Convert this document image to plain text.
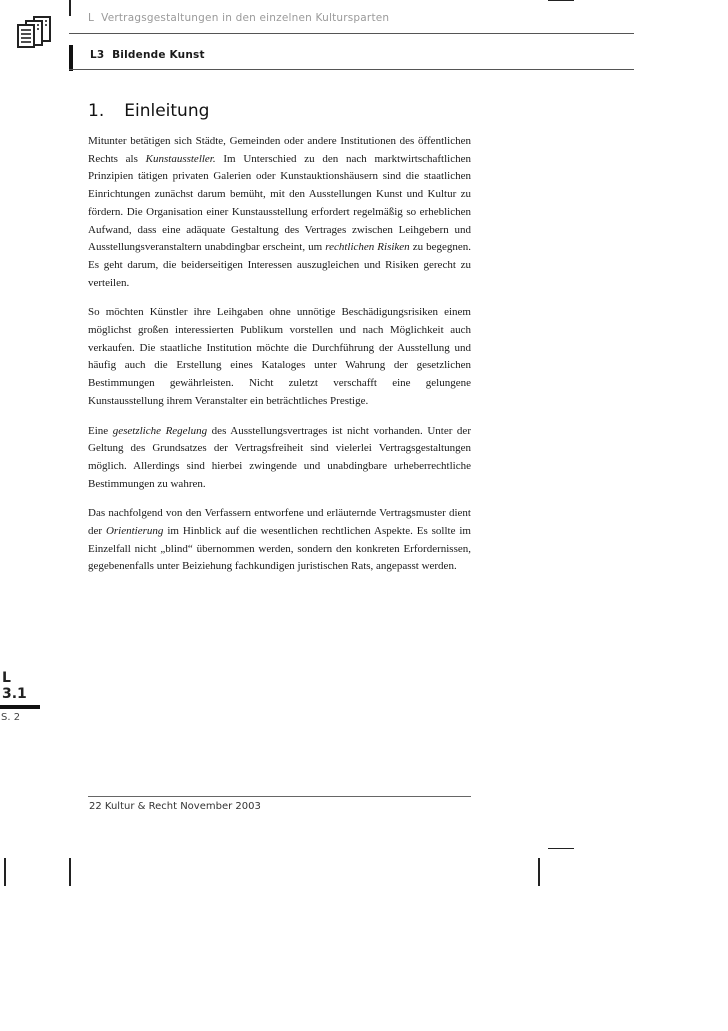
L  Vertragsgestaltungen in den einzelnen Kultursparten
L3  Bildende Kunst
1. Einleitung

Mitunter betätigen sich Städte, Gemeinden oder andere Institutionen des öffentlichen Rechts als Kunstaussteller. Im Unterschied zu den nach marktwirtschaftlichen Prinzipien tätigen privaten Galerien oder Kunstauktionshäusern sind die staatlichen Einrichtungen zunächst darum bemüht, mit den Ausstellungen Kunst und Kultur zu fördern. Die Organisation einer Kunstausstellung erfordert regelmäßig so erheblichen Aufwand, dass eine adäquate Gestaltung des Vertrages zwischen Leihgebern und Ausstellungsveranstaltern unabdingbar erscheint, um rechtlichen Risiken zu begegnen. Es geht darum, die beiderseitigen Interessen auszugleichen und Risiken gerecht zu verteilen.

So möchten Künstler ihre Leihgaben ohne unnötige Beschädigungsrisiken einem möglichst großen interessierten Publikum vorstellen und nach Möglichkeit auch verkaufen. Die staatliche Institution möchte die Durchführung der Ausstellung und häufig auch die Erstellung eines Kataloges unter Wahrung der gesetzlichen Bestimmungen gewährleisten. Nicht zuletzt verschafft eine gelungene Kunstausstellung ihrem Veranstalter ein beträchtliches Prestige.

Eine gesetzliche Regelung des Ausstellungsvertrages ist nicht vorhanden. Unter der Geltung des Grundsatzes der Vertragsfreiheit sind vielerlei Vertragsgestaltungen möglich. Allerdings sind hierbei zwingende und unabdingbare urheberrechtliche Bestimmungen zu wahren.

Das nachfolgend von den Verfassern entworfene und erläuternde Vertragsmuster dient der Orientierung im Hinblick auf die wesentlichen rechtlichen Aspekte. Es sollte im Einzelfall nicht „blind“ übernommen werden, sondern den konkreten Erfordernissen, gegebenenfalls unter Beiziehung fachkundigen juristischen Rats, angepasst werden.

L
3.1
S. 2
22 Kultur & Recht November 2003
